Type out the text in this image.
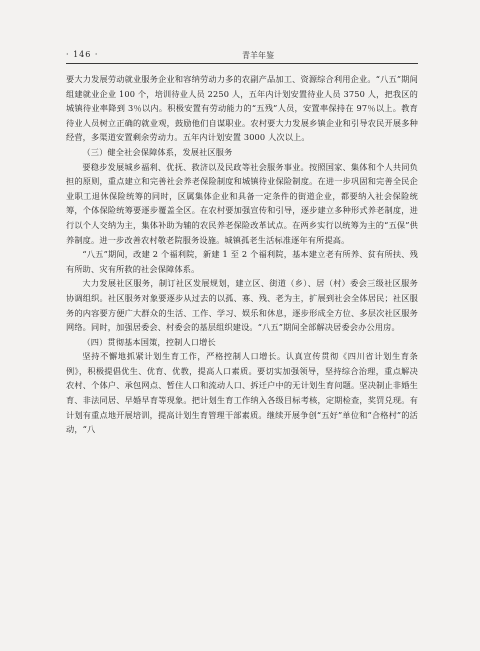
· 146 ·	青羊年鉴

要大力发展劳动就业服务企业和容纳劳动力多的农副产品加工、资源综合利用企业。“八五”期间组建就业企业 100 个，培训待业人员 2250 人，五年内计划安置待业人员 3750 人，把我区的城镇待业率降到 3％以内。积极安置有劳动能力的“五残”人员，安置率保持在 97％以上。教育待业人员树立正确的就业观，鼓励他们自谋职业。农村要大力发展乡镇企业和引导农民开展多种经营，多渠道安置剩余劳动力。五年内计划安置 3000 人次以上。

（三）健全社会保障体系，发展社区服务

要稳步发展城乡福利、优抚、救济以及民政等社会服务事业。按照国家、集体和个人共同负担的原则，重点建立和完善社会养老保险制度和城镇待业保险制度。在进一步巩固和完善全民企业职工退休保险统筹的同时，区属集体企业和具备一定条件的街道企业，都要纳入社会保险统筹，个体保险统筹要逐步覆盖全区。在农村要加强宣传和引导，逐步建立多种形式养老制度，进行以个人交纳为主，集体补助为辅的农民养老保险改革试点。在两乡实行以统筹为主的“五保”供养制度。进一步改善农村敬老院服务设施。城镇孤老生活标准逐年有所提高。

“八五”期间，改建 2 个福利院，新建 1 至 2 个福利院，基本建立老有所养、贫有所扶、残有所助、灾有所救的社会保障体系。

大力发展社区服务，制订社区发展规划，建立区、街道（乡）、居（村）委会三级社区服务协调组织。社区服务对象要逐步从过去的以孤、寡、残、老为主，扩展到社会全体居民；社区服务的内容要方便广大群众的生活、工作、学习、娱乐和休息，逐步形成全方位、多层次社区服务网络。同时，加强居委会、村委会的基层组织建设。“八五”期间全部解决居委会办公用房。

（四）贯彻基本国策，控制人口增长

坚持不懈地抓紧计划生育工作，严格控制人口增长。认真宣传贯彻《四川省计划生育条例》，积极提倡优生、优育、优教，提高人口素质。要切实加强领导，坚持综合治理，重点解决农村、个体户、承包网点、暂住人口和流动人口、拆迁户中的无计划生育问题。坚决制止非婚生育、非法同居、早婚早育等现象。把计划生育工作纳入各级目标考核，定期检查，奖罚兑现。有计划有重点地开展培训，提高计划生育管理干部素质。继续开展争创“五好”单位和“合格村”的活动，“八
